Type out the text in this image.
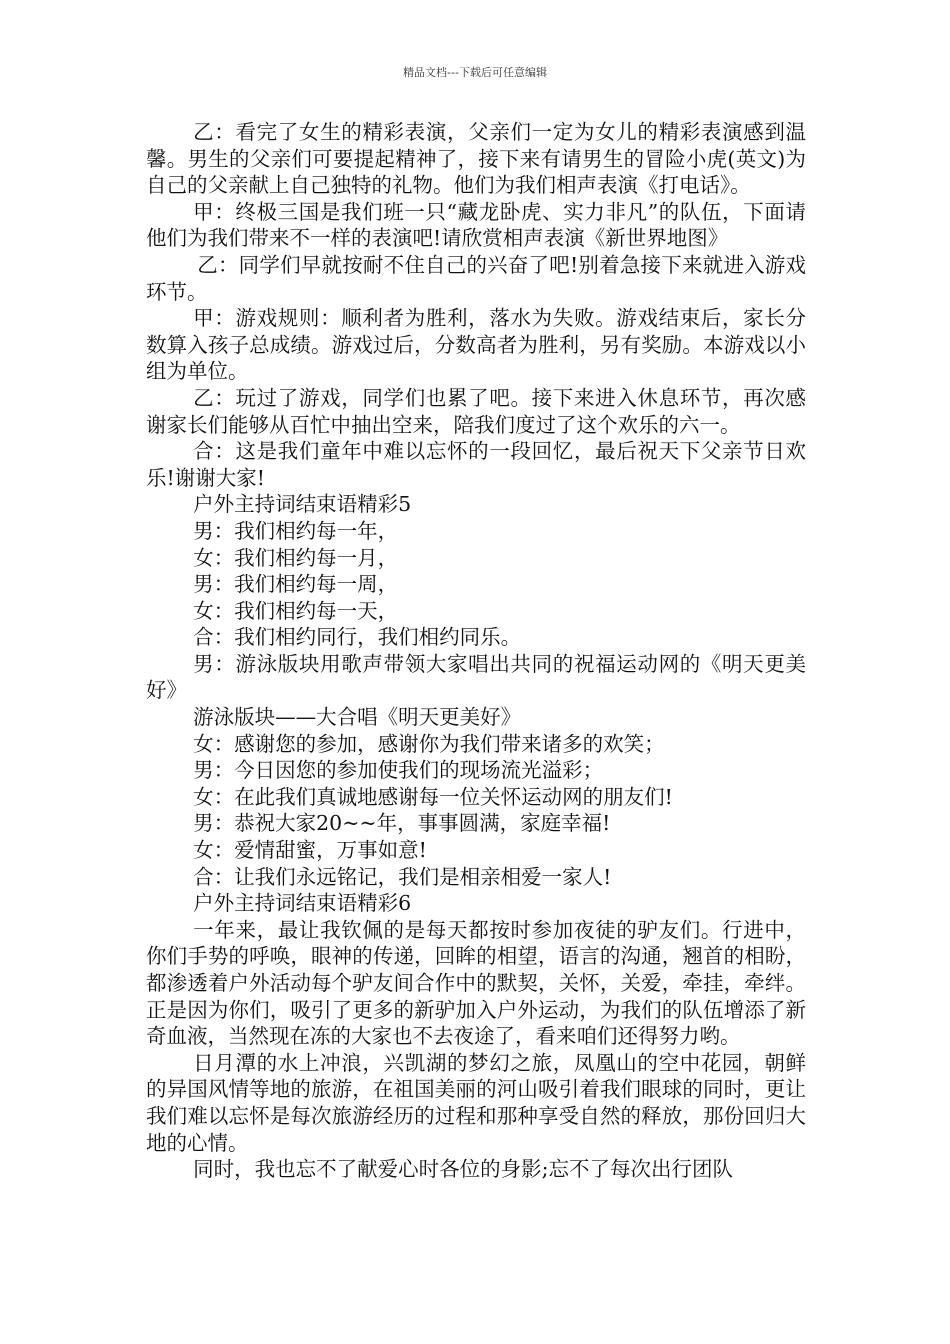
精品文档---下载后可任意编辑

乙：看完了女生的精彩表演，父亲们一定为女儿的精彩表演感到温馨。男生的父亲们可要提起精神了，接下来有请男生的冒险小虎(英文)为自己的父亲献上自己独特的礼物。他们为我们相声表演《打电话》。

甲：终极三国是我们班一只“藏龙卧虎、实力非凡”的队伍，下面请他们为我们带来不一样的表演吧!请欣赏相声表演《新世界地图》

乙：同学们早就按耐不住自己的兴奋了吧!别着急接下来就进入游戏环节。

甲：游戏规则：顺利者为胜利，落水为失败。游戏结束后，家长分数算入孩子总成绩。游戏过后，分数高者为胜利，另有奖励。本游戏以小组为单位。

乙：玩过了游戏，同学们也累了吧。接下来进入休息环节，再次感谢家长们能够从百忙中抽出空来，陪我们度过了这个欢乐的六一。

合：这是我们童年中难以忘怀的一段回忆，最后祝天下父亲节日欢乐!谢谢大家!

户外主持词结束语精彩5

男：我们相约每一年，

女：我们相约每一月，

男：我们相约每一周，

女：我们相约每一天，

合：我们相约同行，我们相约同乐。

男：游泳版块用歌声带领大家唱出共同的祝福运动网的《明天更美好》

游泳版块——大合唱《明天更美好》

女：感谢您的参加，感谢你为我们带来诸多的欢笑；

男：今日因您的参加使我们的现场流光溢彩；

女：在此我们真诚地感谢每一位关怀运动网的朋友们!

男：恭祝大家20~~年，事事圆满，家庭幸福!

女：爱情甜蜜，万事如意!

合：让我们永远铭记，我们是相亲相爱一家人!

户外主持词结束语精彩6

一年来，最让我钦佩的是每天都按时参加夜徒的驴友们。行进中，你们手势的呼唤，眼神的传递，回眸的相望，语言的沟通，翘首的相盼，都渗透着户外活动每个驴友间合作中的默契，关怀，关爱，牵挂，牵绊。正是因为你们，吸引了更多的新驴加入户外运动，为我们的队伍增添了新奇血液，当然现在冻的大家也不去夜途了，看来咱们还得努力哟。

日月潭的水上冲浪，兴凯湖的梦幻之旅，凤凰山的空中花园，朝鲜的异国风情等地的旅游，在祖国美丽的河山吸引着我们眼球的同时，更让我们难以忘怀是每次旅游经历的过程和那种享受自然的释放，那份回归大地的心情。

同时，我也忘不了献爱心时各位的身影;忘不了每次出行团队
